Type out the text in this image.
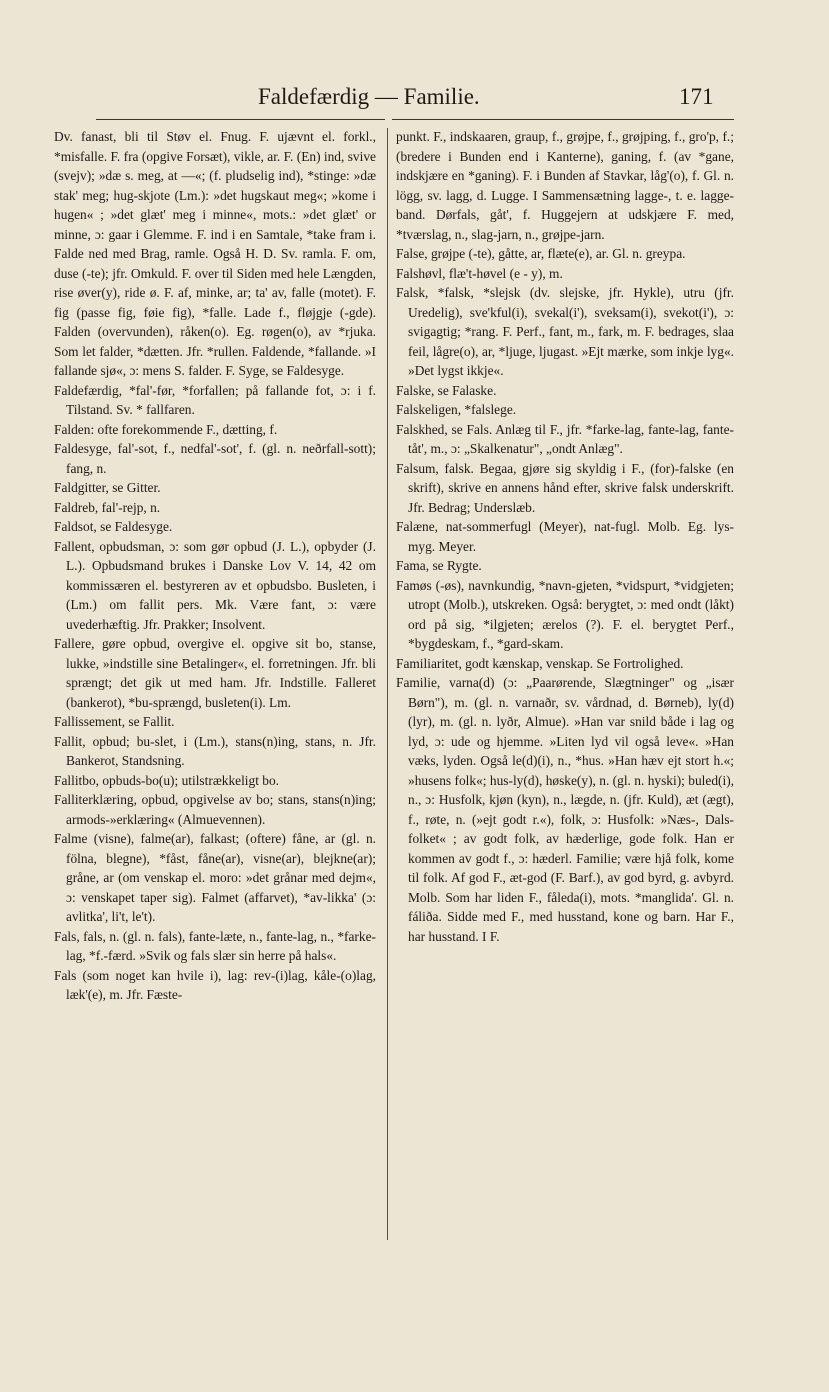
Faldefærdig — Familie.	171

Dv. fanast, bli til Støv el. Fnug. F. ujævnt el. forkl., *misfalle. F. fra (opgive Forsæt), vikle, ar. F. (En) ind, svive (svejv); »dæ s. meg, at —«; (f. pludselig ind), *stinge: »dæ stak' meg; hug-skjote (Lm.): »det hugskaut meg«; »kome i hugen« ; »det glæt' meg i minne«, mots.: »det glæt' or minne, ɔ: gaar i Glemme. F. ind i en Samtale, *take fram i. Falde ned med Brag, ramle. Også H. D. Sv. ramla. F. om, duse (-te); jfr. Omkuld. F. over til Siden med hele Længden, rise øver(y), ride ø. F. af, minke, ar; ta' av, falle (motet). F. fig (passe fig, føie fig), *falle. Lade f., fløjgje (-gde). Falden (overvunden), råken(o). Eg. røgen(o), av *rjuka. Som let falder, *dætten. Jfr. *rullen. Faldende, *fallande. »I fallande sjø«, ɔ: mens S. falder. F. Syge, se Faldesyge.

Faldefærdig, *fal'-før, *forfallen; på fallande fot, ɔ: i f. Tilstand. Sv. * fallfaren.

Falden: ofte forekommende F., dætting, f.

Faldesyge, fal'-sot, f., nedfal'-sot', f. (gl. n. neðrfall-sott); fang, n.

Faldgitter, se Gitter.

Faldreb, fal'-rejp, n.

Faldsot, se Faldesyge.

Fallent, opbudsman, ɔ: som gør opbud (J. L.), opbyder (J. L.). Opbudsmand brukes i Danske Lov V. 14, 42 om kommissæren el. bestyreren av et opbudsbo. Busleten, i (Lm.) om fallit pers. Mk. Være fant, ɔ: være uvederhæftig. Jfr. Prakker; Insolvent.

Fallere, gøre opbud, overgive el. opgive sit bo, stanse, lukke, »indstille sine Betalinger«, el. forretningen. Jfr. bli sprængt; det gik ut med ham. Jfr. Indstille. Falleret (bankerot), *bu-sprængd, busleten(i). Lm.

Fallissement, se Fallit.

Fallit, opbud; bu-slet, i (Lm.), stans(n)ing, stans, n. Jfr. Bankerot, Standsning.

Fallitbo, opbuds-bo(u); utilstrækkeligt bo.

Falliterklæring, opbud, opgivelse av bo; stans, stans(n)ing; armods-»erklæring« (Almuevennen).

Falme (visne), falme(ar), falkast; (oftere) fåne, ar (gl. n. fölna, blegne), *fåst, fåne(ar), visne(ar), blejkne(ar); gråne, ar (om venskap el. moro: »det grånar med dejm«, ɔ: venskapet taper sig). Falmet (affarvet), *av-likka' (ɔ: avlitka', li't, le't).

Fals, fals, n. (gl. n. fals), fante-læte, n., fante-lag, n., *farke-lag, *f.-færd. »Svik og fals slær sin herre på hals«.

Fals (som noget kan hvile i), lag: rev-(i)lag, kåle-(o)lag, læk'(e), m. Jfr. Fæste-

punkt. F., indskaaren, graup, f., grøjpe, f., grøjping, f., gro'p, f.; (bredere i Bunden end i Kanterne), ganing, f. (av *gane, indskjære en *ganing). F. i Bunden af Stavkar, låg'(o), f. Gl. n. lögg, sv. lagg, d. Lugge. I Sammensætning lagge-, t. e. lagge-band. Dørfals, gåt', f. Huggejern at udskjære F. med, *tværslag, n., slag-jarn, n., grøjpe-jarn.

False, grøjpe (-te), gåtte, ar, flæte(e), ar. Gl. n. greypa.

Falshøvl, flæ't-høvel (e - y), m.

Falsk, *falsk, *slejsk (dv. slejske, jfr. Hykle), utru (jfr. Uredelig), sve'kful(i), svekal(i'), sveksam(i), svekot(i'), ɔ: svigagtig; *rang. F. Perf., fant, m., fark, m. F. bedrages, slaa feil, lågre(o), ar, *ljuge, ljugast. »Ejt mærke, som inkje lyg«. »Det lygst ikkje«.

Falske, se Falaske.

Falskeligen, *falslege.

Falskhed, se Fals. Anlæg til F., jfr. *farke-lag, fante-lag, fante-tåt', m., ɔ: „Skalkenatur", „ondt Anlæg".

Falsum, falsk. Begaa, gjøre sig skyldig i F., (for)-falske (en skrift), skrive en annens hånd efter, skrive falsk underskrift. Jfr. Bedrag; Underslæb.

Falæne, nat-sommerfugl (Meyer), nat-fugl. Molb. Eg. lys-myg. Meyer.

Fama, se Rygte.

Famøs (-øs), navnkundig, *navn-gjeten, *vidspurt, *vidgjeten; utropt (Molb.), utskreken. Også: berygtet, ɔ: med ondt (låkt) ord på sig, *ilgjeten; ærelos (?). F. el. berygtet Perf., *bygdeskam, f., *gard-skam.

Familiaritet, godt kænskap, venskap. Se Fortrolighed.

Familie, varna(d) (ɔ: „Paarørende, Slægtninger" og „især Børn"), m. (gl. n. varnaðr, sv. vårdnad, d. Børneb), ly(d) (lyr), m. (gl. n. lyðr, Almue). »Han var snild både i lag og lyd, ɔ: ude og hjemme. »Liten lyd vil også leve«. »Han væks, lyden. Også le(d)(i), n., *hus. »Han hæv ejt stort h.«; »husens folk«; hus-ly(d), høske(y), n. (gl. n. hyski); buled(i), n., ɔ: Husfolk, kjøn (kyn), n., lægde, n. (jfr. Kuld), æt (ægt), f., røte, n. (»ejt godt r.«), folk, ɔ: Husfolk: »Næs-, Dals-folket« ; av godt folk, av hæderlige, gode folk. Han er kommen av godt f., ɔ: hæderl. Familie; være hjå folk, kome til folk. Af god F., æt-god (F. Barf.), av god byrd, g. avbyrd. Molb. Som har liden F., fåleda(i), mots. *manglida'. Gl. n. fáliða. Sidde med F., med husstand, kone og barn. Har F., har husstand. I F.
